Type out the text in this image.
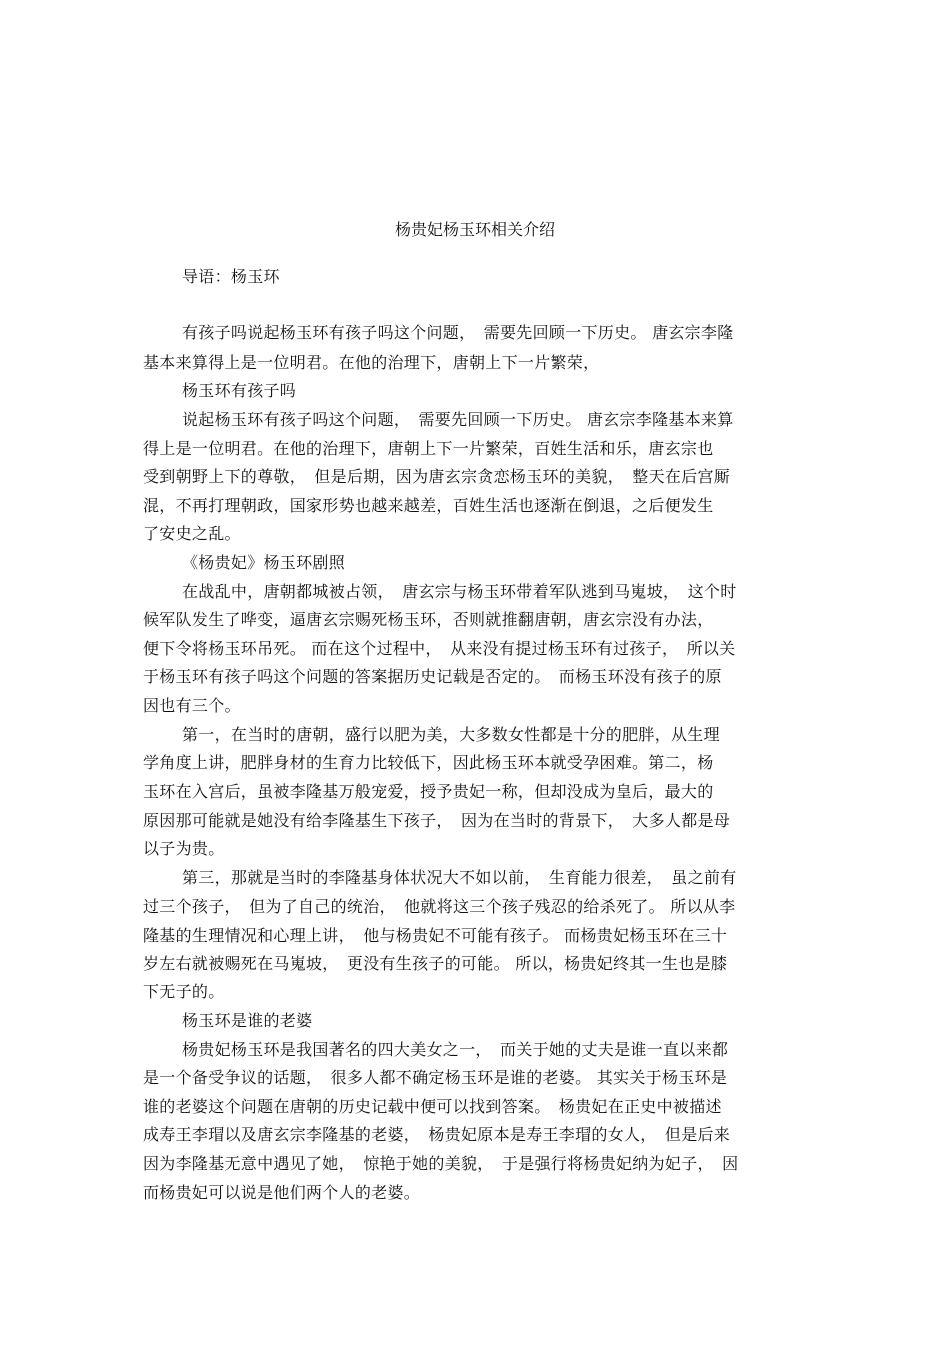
杨贵妃杨玉环相关介绍
导语：杨玉环
有孩子吗说起杨玉环有孩子吗这个问题，　需要先回顾一下历史。 唐玄宗李隆
基本来算得上是一位明君。在他的治理下，唐朝上下一片繁荣，
杨玉环有孩子吗
说起杨玉环有孩子吗这个问题，　需要先回顾一下历史。 唐玄宗李隆基本来算
得上是一位明君。在他的治理下，唐朝上下一片繁荣，百姓生活和乐，唐玄宗也
受到朝野上下的尊敬，　但是后期，因为唐玄宗贪恋杨玉环的美貌，　整天在后宫厮
混，不再打理朝政，国家形势也越来越差，百姓生活也逐渐在倒退，之后便发生
了安史之乱。
《杨贵妃》杨玉环剧照
在战乱中，唐朝都城被占领，　唐玄宗与杨玉环带着军队逃到马嵬坡，　这个时
候军队发生了哗变，逼唐玄宗赐死杨玉环，否则就推翻唐朝，唐玄宗没有办法，
便下令将杨玉环吊死。 而在这个过程中，　从来没有提过杨玉环有过孩子，　所以关
于杨玉环有孩子吗这个问题的答案据历史记载是否定的。　而杨玉环没有孩子的原
因也有三个。
第一，在当时的唐朝，盛行以肥为美，大多数女性都是十分的肥胖，从生理
学角度上讲，肥胖身材的生育力比较低下，因此杨玉环本就受孕困难。第二，杨
玉环在入宫后，虽被李隆基万般宠爱，授予贵妃一称，但却没成为皇后，最大的
原因那可能就是她没有给李隆基生下孩子，　因为在当时的背景下，　大多人都是母
以子为贵。
第三，那就是当时的李隆基身体状况大不如以前，　生育能力很差，　虽之前有
过三个孩子，　但为了自己的统治，　他就将这三个孩子残忍的给杀死了。 所以从李
隆基的生理情况和心理上讲，　他与杨贵妃不可能有孩子。 而杨贵妃杨玉环在三十
岁左右就被赐死在马嵬坡，　更没有生孩子的可能。 所以，杨贵妃终其一生也是膝
下无子的。
杨玉环是谁的老婆
杨贵妃杨玉环是我国著名的四大美女之一，　而关于她的丈夫是谁一直以来都
是一个备受争议的话题，　很多人都不确定杨玉环是谁的老婆。 其实关于杨玉环是
谁的老婆这个问题在唐朝的历史记载中便可以找到答案。　杨贵妃在正史中被描述
成寿王李瑁以及唐玄宗李隆基的老婆，　杨贵妃原本是寿王李瑁的女人，　但是后来
因为李隆基无意中遇见了她，　惊艳于她的美貌，　于是强行将杨贵妃纳为妃子，　因
而杨贵妃可以说是他们两个人的老婆。
